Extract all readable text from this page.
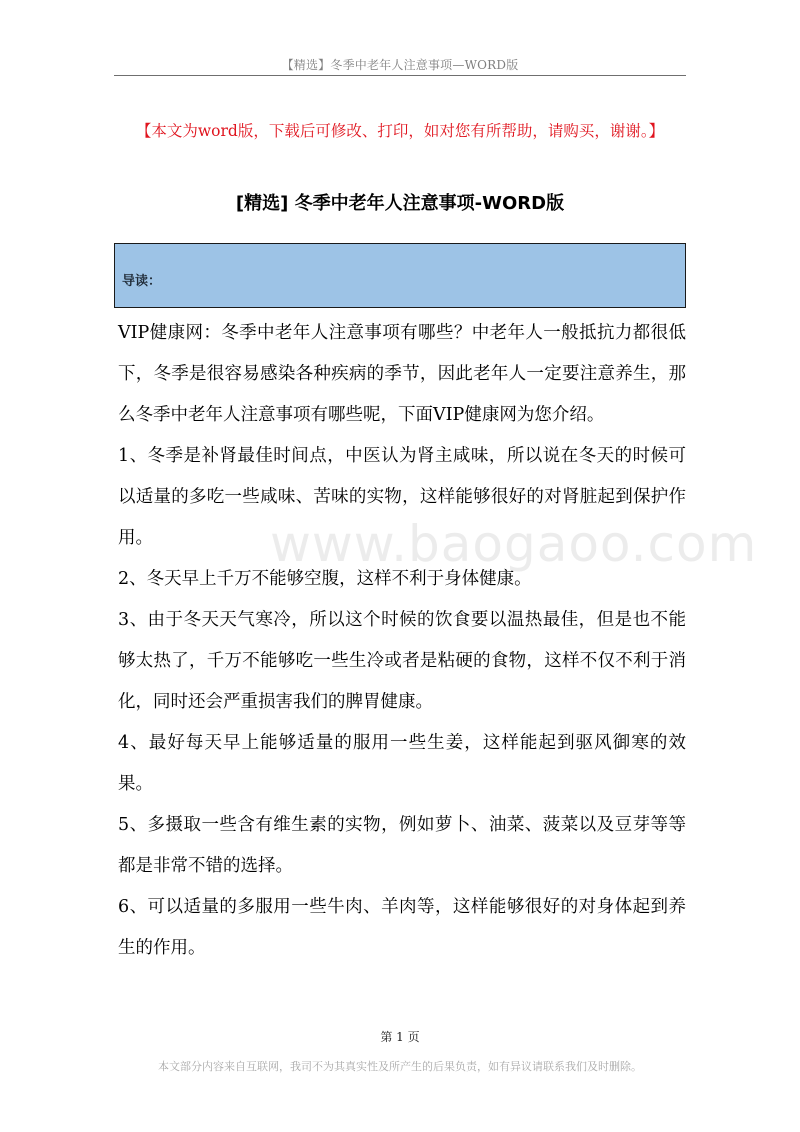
【精选】冬季中老年人注意事项—WORD版
【本文为word版，下载后可修改、打印，如对您有所帮助，请购买，谢谢。】
[精选] 冬季中老年人注意事项-WORD版
导读：
www.baogaoo.com

VIP健康网：冬季中老年人注意事项有哪些？中老年人一般抵抗力都很低下，冬季是很容易感染各种疾病的季节，因此老年人一定要注意养生，那么冬季中老年人注意事项有哪些呢，下面VIP健康网为您介绍。

1、冬季是补肾最佳时间点，中医认为肾主咸味，所以说在冬天的时候可以适量的多吃一些咸味、苦味的实物，这样能够很好的对肾脏起到保护作用。

2、冬天早上千万不能够空腹，这样不利于身体健康。

3、由于冬天天气寒冷，所以这个时候的饮食要以温热最佳，但是也不能够太热了，千万不能够吃一些生冷或者是粘硬的食物，这样不仅不利于消化，同时还会严重损害我们的脾胃健康。

4、最好每天早上能够适量的服用一些生姜，这样能起到驱风御寒的效果。

5、多摄取一些含有维生素的实物，例如萝卜、油菜、菠菜以及豆芽等等都是非常不错的选择。

6、可以适量的多服用一些牛肉、羊肉等，这样能够很好的对身体起到养生的作用。

第 1 页
本文部分内容来自互联网，我司不为其真实性及所产生的后果负责，如有异议请联系我们及时删除。
